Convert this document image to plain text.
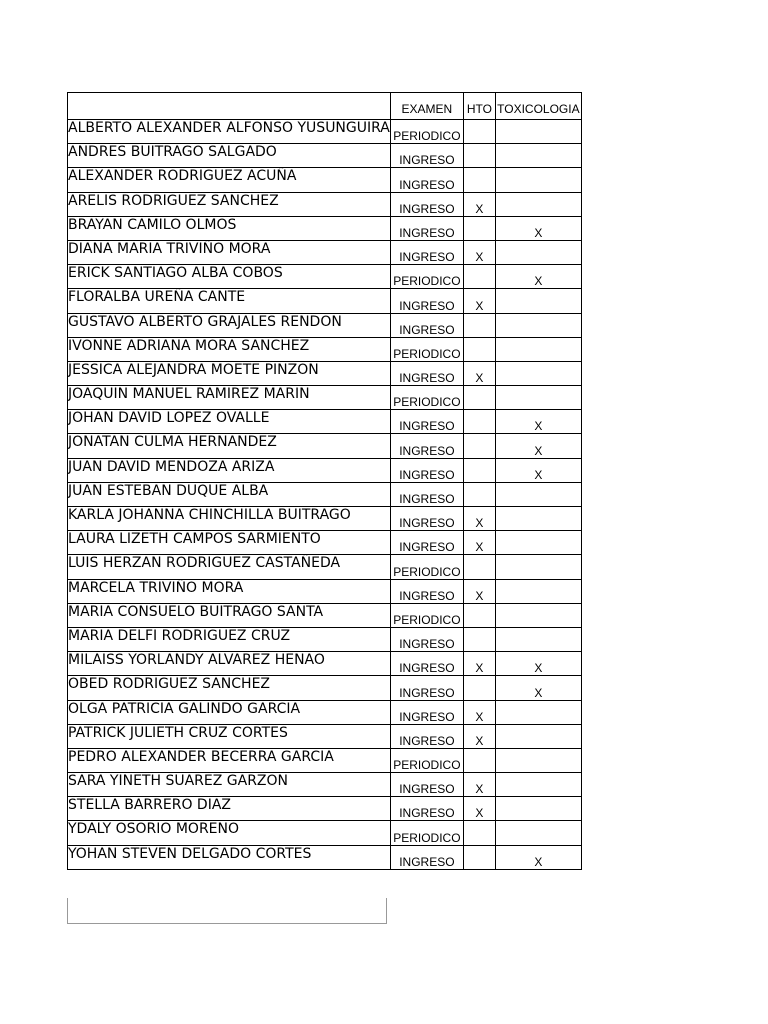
	EXAMEN	HTO	TOXICOLOGIA
ALBERTO ALEXANDER ALFONSO YUSUNGUIRA	PERIODICO		
ANDRES BUITRAGO SALGADO	INGRESO		
ALEXANDER RODRIGUEZ ACUÑA	INGRESO		
ARELIS RODRIGUEZ SANCHEZ	INGRESO	X	
BRAYAN CAMILO OLMOS	INGRESO		X
DIANA MARIA TRIVIÑO MORA	INGRESO	X	
ERICK SANTIAGO ALBA COBOS	PERIODICO		X
FLORALBA UREÑA CANTE	INGRESO	X	
GUSTAVO ALBERTO GRAJALES RENDON	INGRESO		
IVONNE ADRIANA MORA SANCHEZ	PERIODICO		
JESSICA ALEJANDRA MOETE PINZON	INGRESO	X	
JOAQUIN MANUEL RAMIREZ MARIN	PERIODICO		
JOHAN DAVID LOPEZ OVALLE	INGRESO		X
JONATAN CULMA HERNANDEZ	INGRESO		X
JUAN DAVID MENDOZA ARIZA	INGRESO		X
JUAN ESTEBAN DUQUE ALBA	INGRESO		
KARLA JOHANNA CHINCHILLA BUITRAGO	INGRESO	X	
LAURA LIZETH CAMPOS SARMIENTO	INGRESO	X	
LUIS HERZAN RODRIGUEZ CASTAÑEDA	PERIODICO		
MARCELA TRIVIÑO MORA	INGRESO	X	
MARIA CONSUELO BUITRAGO SANTA	PERIODICO		
MARIA DELFI RODRIGUEZ CRUZ	INGRESO		
MILAISS YORLANDY ALVAREZ HENAO	INGRESO	X	X
OBED RODRIGUEZ SANCHEZ	INGRESO		X
OLGA PATRICIA GALINDO GARCIA	INGRESO	X	
PATRICK JULIETH CRUZ CORTES	INGRESO	X	
PEDRO ALEXANDER BECERRA GARCIA	PERIODICO		
SARA YINETH SUAREZ GARZON	INGRESO	X	
STELLA BARRERO DIAZ	INGRESO	X	
YDALY OSORIO MORENO	PERIODICO		
YOHAN STEVEN DELGADO CORTES	INGRESO		X
